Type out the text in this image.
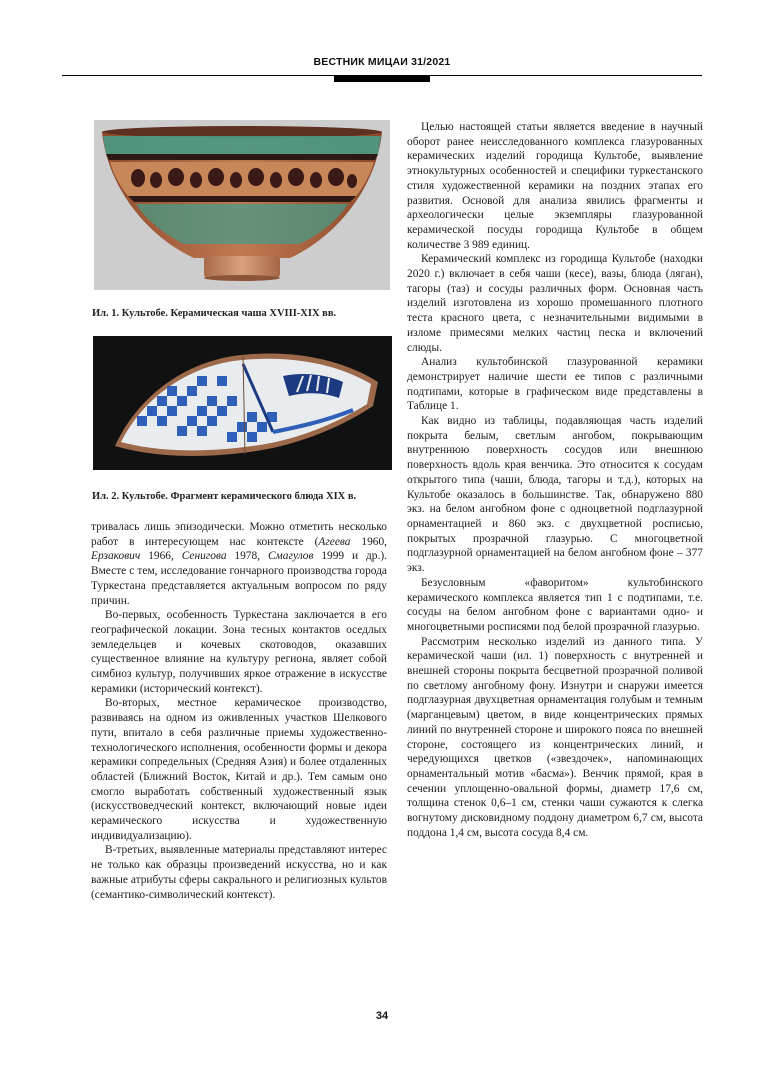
ВЕСТНИК МИЦАИ 31/2021
Ил. 1. Культобе. Керамическая чаша XVIII-XIX вв.
Ил. 2. Культобе. Фрагмент керамического блюда XIX в.

тривалась лишь эпизодически. Можно отметить несколько работ в интересующем нас контексте (Агеева 1960, Ерзакович 1966, Сенигова 1978, Смагулов 1999 и др.). Вместе с тем, исследование гончарного производства города Туркестана представляется актуальным вопросом по ряду причин.

Во-первых, особенность Туркестана заключается в его географической локации. Зона тесных контактов оседлых земледельцев и кочевых скотоводов, оказавших существенное влияние на культуру региона, являет собой симбиоз культур, получивших яркое отражение в искусстве керамики (исторический контекст).

Во-вторых, местное керамическое производство, развиваясь на одном из оживленных участков Шелкового пути, впитало в себя различные приемы художественно-технологического исполнения, особенности формы и декора керамики сопредельных (Средняя Азия) и более отдаленных областей (Ближний Восток, Китай и др.). Тем самым оно смогло выработать собственный художественный язык (искусствоведческий контекст, включающий новые идеи керамического искусства и художественную индивидуализацию).

В-третьих, выявленные материалы представляют интерес не только как образцы произведений искусства, но и как важные атрибуты сферы сакрального и религиозных культов (семантико-символический контекст).

Целью настоящей статьи является введение в научный оборот ранее неисследованного комплекса глазурованных керамических изделий городища Культобе, выявление этнокультурных особенностей и специфики туркестанского стиля художественной керамики на поздних этапах его развития. Основой для анализа явились фрагменты и археологически целые экземпляры глазурованной керамической посуды городища Культобе в общем количестве 3 989 единиц.

Керамический комплекс из городища Культобе (находки 2020 г.) включает в себя чаши (кесе), вазы, блюда (ляган), тагоры (таз) и сосуды различных форм. Основная часть изделий изготовлена из хорошо промешанного плотного теста красного цвета, с незначительными видимыми в изломе примесями мелких частиц песка и включений слюды.

Анализ культобинской глазурованной керамики демонстрирует наличие шести ее типов с различными подтипами, которые в графическом виде представлены в Таблице 1.

Как видно из таблицы, подавляющая часть изделий покрыта белым, светлым ангобом, покрывающим внутреннюю поверхность сосудов или внешнюю поверхность вдоль края венчика. Это относится к сосудам открытого типа (чаши, блюда, тагоры и т.д.), которых на Культобе оказалось в большинстве. Так, обнаружено 880 экз. на белом ангобном фоне с одноцветной подглазурной орнаментацией и 860 экз. с двухцветной росписью, покрытых прозрачной глазурью. С многоцветной подглазурной орнаментацией на белом ангобном фоне – 377 экз.

Безусловным «фаворитом» культобинского керамического комплекса является тип 1 с подтипами, т.е. сосуды на белом ангобном фоне с вариантами одно- и многоцветными росписями под белой прозрачной глазурью.

Рассмотрим несколько изделий из данного типа. У керамической чаши (ил. 1) поверхность с внутренней и внешней стороны покрыта бесцветной прозрачной поливой по светлому ангобному фону. Изнутри и снаружи имеется подглазурная двухцветная орнаментация голубым и темным (марганцевым) цветом, в виде концентрических прямых линий по внутренней стороне и широкого пояса по внешней стороне, состоящего из концентрических линий, и чередующихся цветков («звездочек», напоминающих орнаментальный мотив «басма»). Венчик прямой, края в сечении уплощенно-овальной формы, диаметр 17,6 см, толщина стенок 0,6–1 см, стенки чаши сужаются к слегка вогнутому дисковидному поддону диаметром 6,7 см, высота поддона 1,4 см, высота сосуда 8,4 см.

34
